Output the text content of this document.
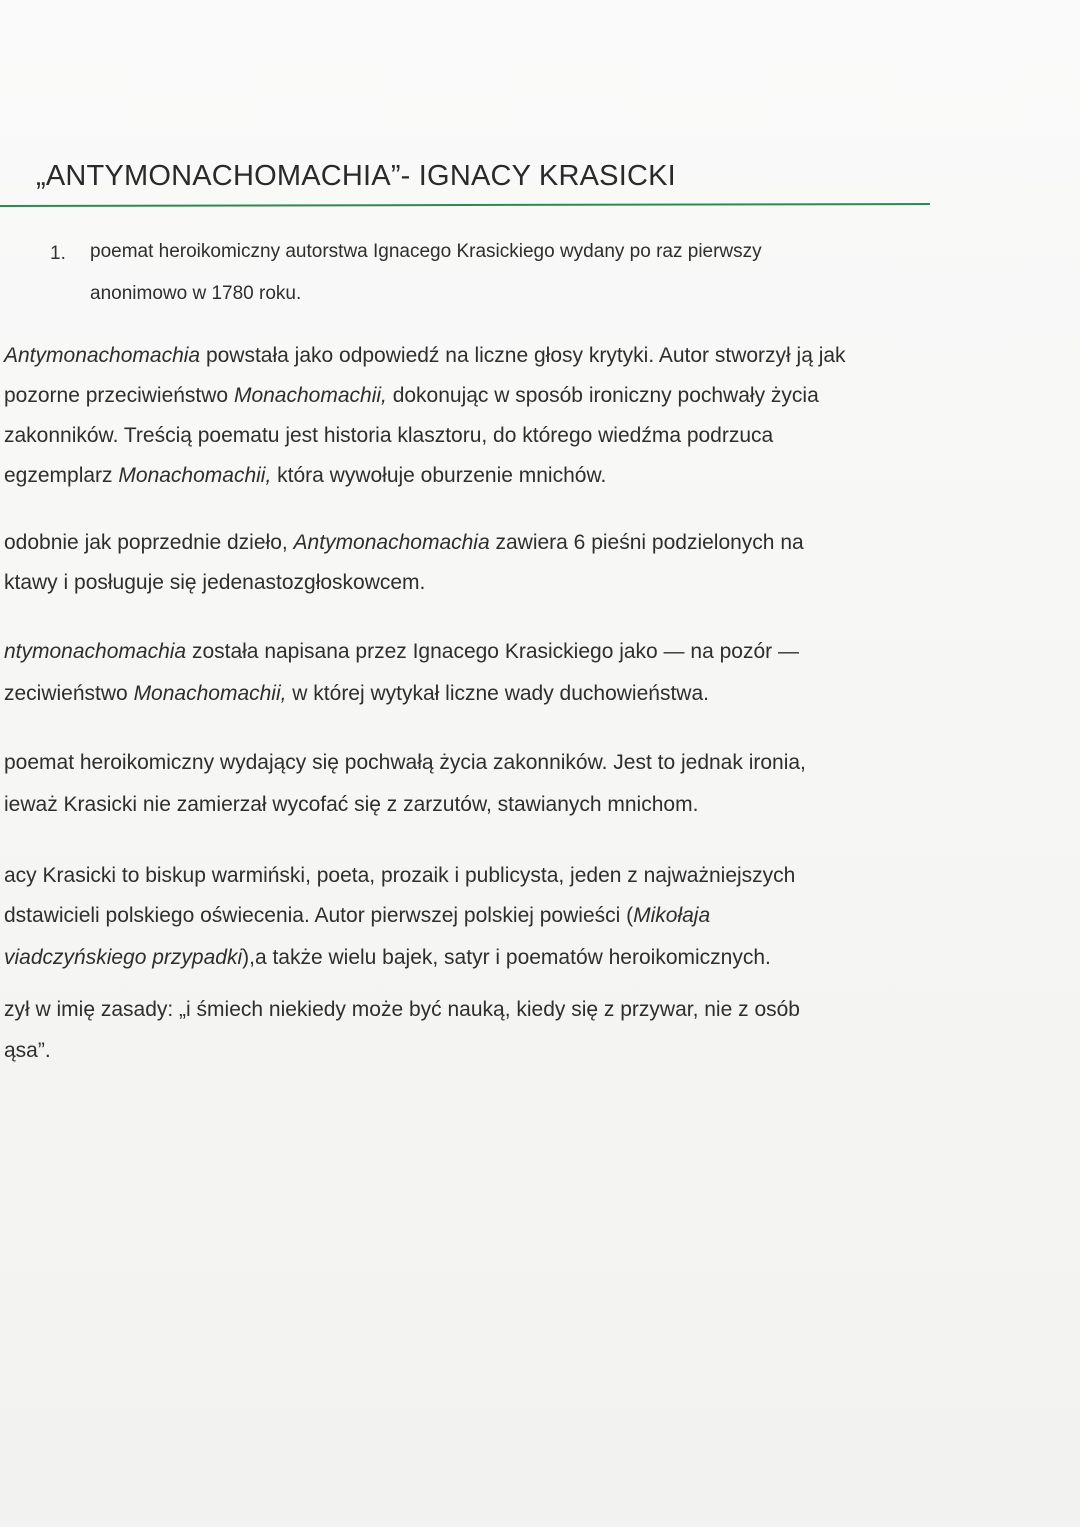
„ANTYMONACHOMACHIA”- IGNACY KRASICKI
1. poemat heroikomiczny autorstwa Ignacego Krasickiego wydany po raz pierwszy
anonimowo w 1780 roku.
Antymonachomachia powstała jako odpowiedź na liczne głosy krytyki. Autor stworzył ją jak
pozorne przeciwieństwo Monachomachii, dokonując w sposób ironiczny pochwały życia
zakonników. Treścią poematu jest historia klasztoru, do którego wiedźma podrzuca
egzemplarz Monachomachii, która wywołuje oburzenie mnichów.
odobnie jak poprzednie dzieło, Antymonachomachia zawiera 6 pieśni podzielonych na
ktawy i posługuje się jedenastozgłoskowcem.
ntymonachomachia została napisana przez Ignacego Krasickiego jako — na pozór —
zeciwieństwo Monachomachii, w której wytykał liczne wady duchowieństwa.
poemat heroikomiczny wydający się pochwałą życia zakonników. Jest to jednak ironia,
ieważ Krasicki nie zamierzał wycofać się z zarzutów, stawianych mnichom.
acy Krasicki to biskup warmiński, poeta, prozaik i publicysta, jeden z najważniejszych
dstawicieli polskiego oświecenia. Autor pierwszej polskiej powieści (Mikołaja
viadczyńskiego przypadki),a także wielu bajek, satyr i poematów heroikomicznych.
zył w imię zasady: „i śmiech niekiedy może być nauką, kiedy się z przywar, nie z osób
ąsa”.
